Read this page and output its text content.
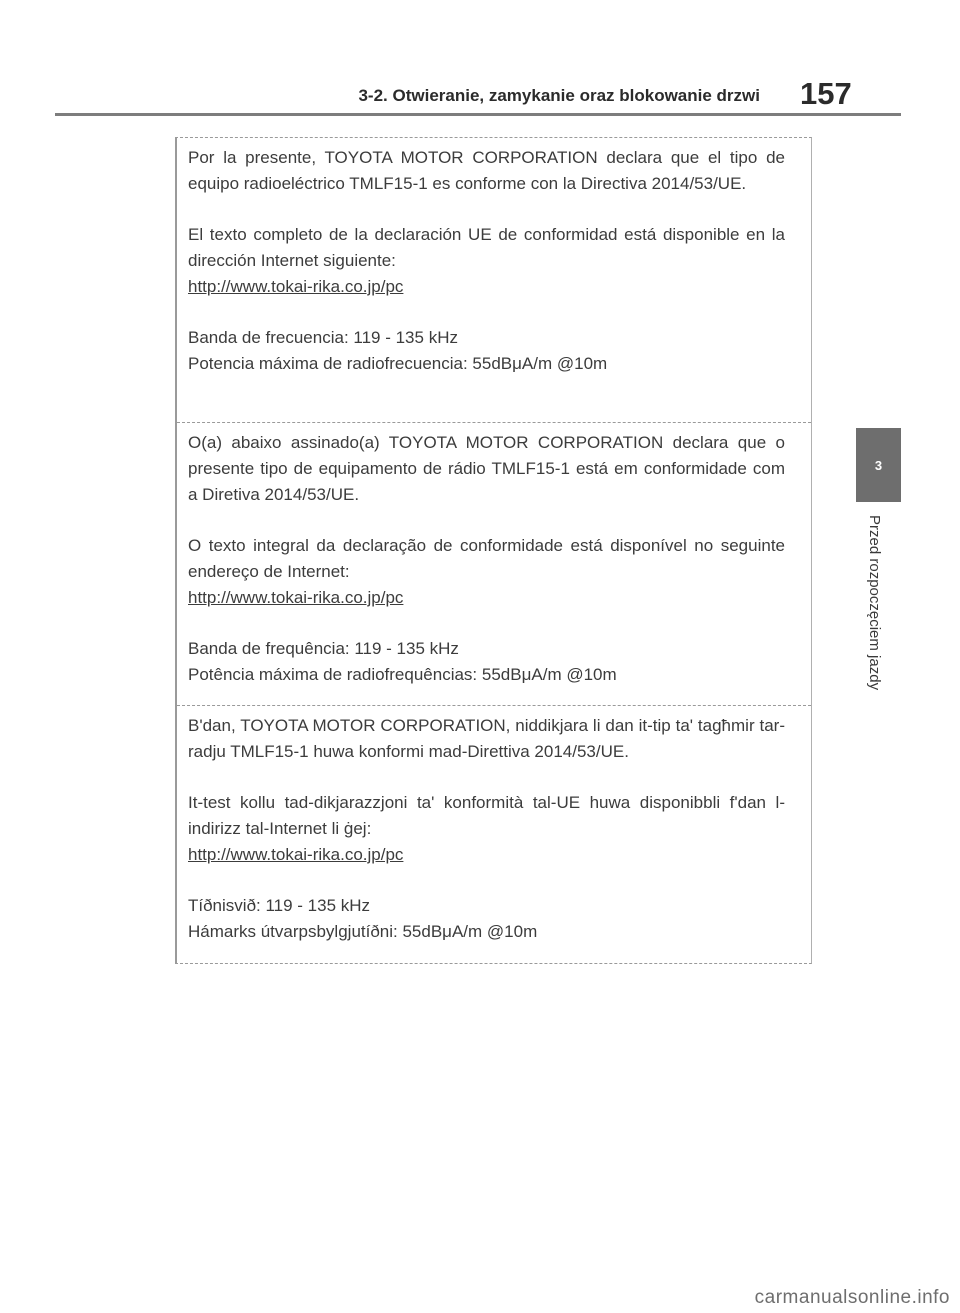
3-2. Otwieranie, zamykanie oraz blokowanie drzwi 157
3
Przed rozpoczęciem jazdy

Por la presente, TOYOTA MOTOR CORPORATION declara que el tipo de equipo radioeléctrico TMLF15-1 es conforme con la Directiva 2014/53/UE.

El texto completo de la declaración UE de conformidad está disponible en la dirección Internet siguiente:

http://www.tokai-rika.co.jp/pc

Banda de frecuencia: 119 - 135 kHz

Potencia máxima de radiofrecuencia: 55dBμA/m @10m

O(a) abaixo assinado(a) TOYOTA MOTOR CORPORATION declara que o presente tipo de equipamento de rádio TMLF15-1 está em conformidade com a Diretiva 2014/53/UE.

O texto integral da declaração de conformidade está disponível no seguinte endereço de Internet:

http://www.tokai-rika.co.jp/pc

Banda de frequência: 119 - 135 kHz

Potência máxima de radiofrequências: 55dBμA/m @10m

B'dan, TOYOTA MOTOR CORPORATION, niddikjara li dan it-tip ta' tagħmir tar-radju TMLF15-1 huwa konformi mad-Direttiva 2014/53/UE.

It-test kollu tad-dikjarazzjoni ta' konformità tal-UE huwa disponibbli f'dan l-indirizz tal-Internet li ġej:

http://www.tokai-rika.co.jp/pc

Tíðnisvið: 119 - 135 kHz

Hámarks útvarpsbylgjutíðni: 55dBμA/m @10m

carmanualsonline.info
